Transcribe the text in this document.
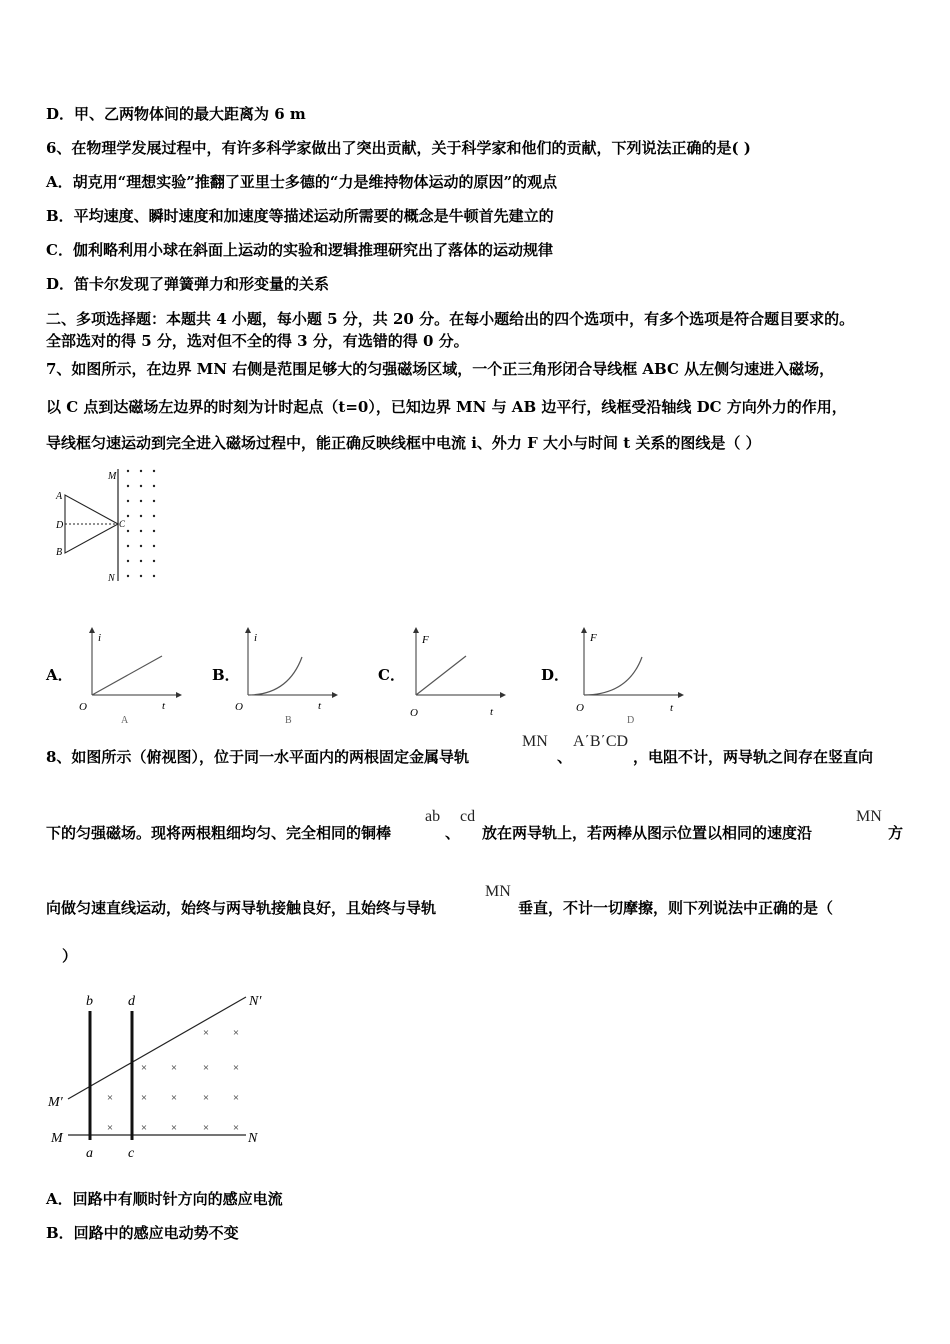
D．甲、乙两物体间的最大距离为 6 m
6、在物理学发展过程中，有许多科学家做出了突出贡献，关于科学家和他们的贡献，下列说法正确的是( )
A．胡克用“理想实验”推翻了亚里士多德的“力是维持物体运动的原因”的观点
B．平均速度、瞬时速度和加速度等描述运动所需要的概念是牛顿首先建立的
C．伽利略利用小球在斜面上运动的实验和逻辑推理研究出了落体的运动规律
D．笛卡尔发现了弹簧弹力和形变量的关系
二、多项选择题：本题共 4 小题，每小题 5 分，共 20 分。在每小题给出的四个选项中，有多个选项是符合题目要求的。
全部选对的得 5 分，选对但不全的得 3 分，有选错的得 0 分。
7、如图所示，在边界 MN 右侧是范围足够大的匀强磁场区域，一个正三角形闭合导线框 ABC 从左侧匀速进入磁场，
以 C 点到达磁场左边界的时刻为计时起点（t=0），已知边界 MN 与 AB 边平行，线框受沿轴线 DC 方向外力的作用，
导线框匀速运动到完全进入磁场过程中，能正确反映线框中电流 i、外力 F 大小与时间 t 关系的图线是（ ）
M
N
A
D
B
C
A．	B．	C．	D．
i
t
O
A
i
t
O
B
F
t
O
F
t
O
D
8、如图所示（俯视图），位于同一水平面内的两根固定金属导轨
MN
、
A΄B΄CD
，电阻不计，两导轨之间存在竖直向
下的匀强磁场。现将两根粗细均匀、完全相同的铜棒
ab
、
cd
放在两导轨上，若两棒从图示位置以相同的速度沿
MN
方
向做匀速直线运动，始终与两导轨接触良好，且始终与导轨
MN
垂直，不计一切摩擦，则下列说法中正确的是（
）
× ×
× × × ×
× × × ×
×
×	× × × ×
b	d	N′
M′
M	N
a	c
A．回路中有顺时针方向的感应电流
B．回路中的感应电动势不变
